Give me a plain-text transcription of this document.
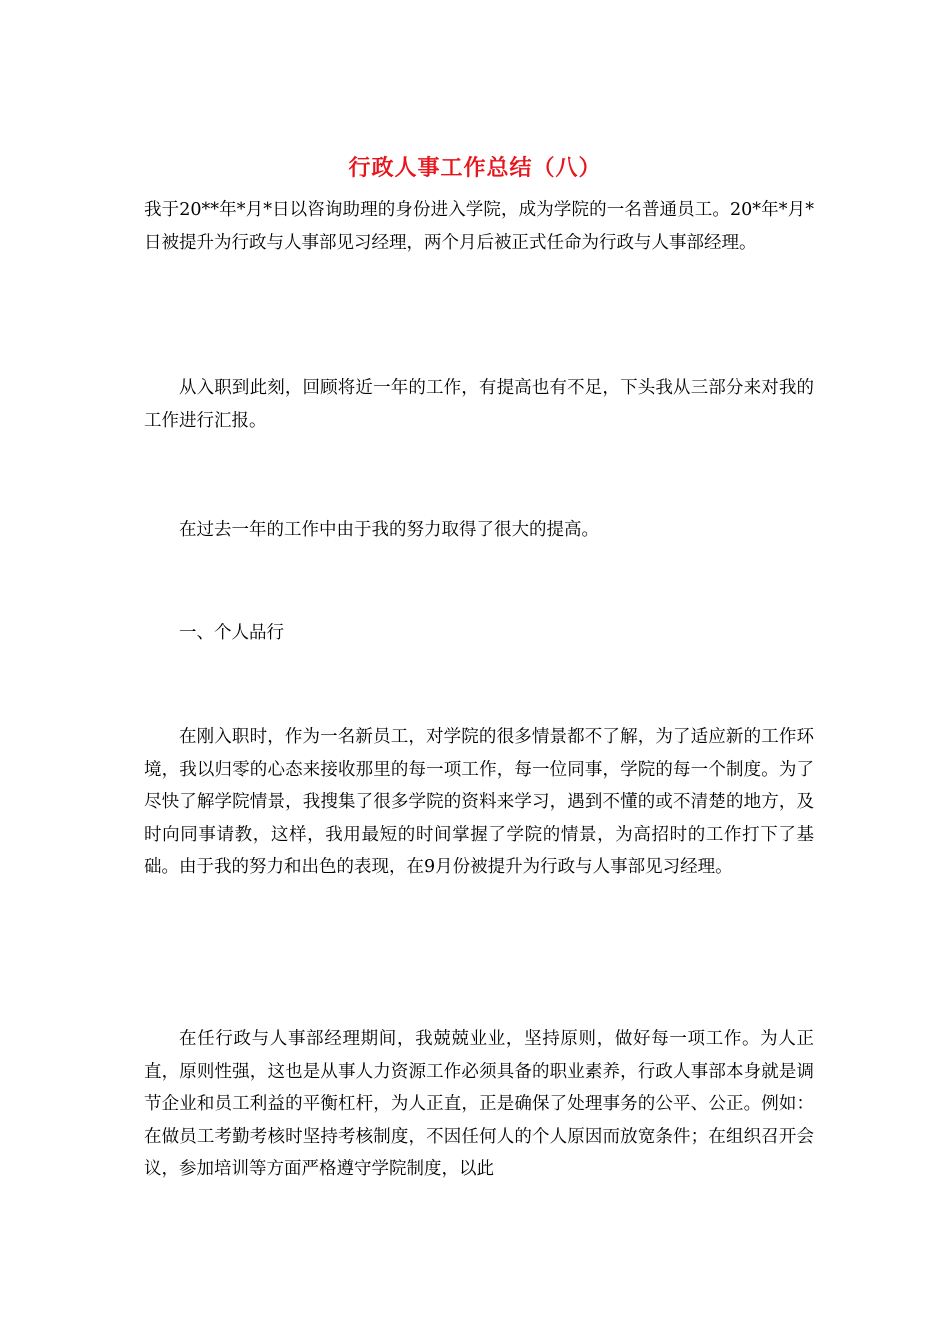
行政人事工作总结（八）

我于20**年*月*日以咨询助理的身份进入学院，成为学院的一名普通员工。20*年*月*日被提升为行政与人事部见习经理，两个月后被正式任命为行政与人事部经理。

从入职到此刻，回顾将近一年的工作，有提高也有不足，下头我从三部分来对我的工作进行汇报。

在过去一年的工作中由于我的努力取得了很大的提高。

一、个人品行

在刚入职时，作为一名新员工，对学院的很多情景都不了解，为了适应新的工作环境，我以归零的心态来接收那里的每一项工作，每一位同事，学院的每一个制度。为了尽快了解学院情景，我搜集了很多学院的资料来学习，遇到不懂的或不清楚的地方，及时向同事请教，这样，我用最短的时间掌握了学院的情景，为高招时的工作打下了基础。由于我的努力和出色的表现，在9月份被提升为行政与人事部见习经理。

在任行政与人事部经理期间，我兢兢业业，坚持原则，做好每一项工作。为人正直，原则性强，这也是从事人力资源工作必须具备的职业素养，行政人事部本身就是调节企业和员工利益的平衡杠杆，为人正直，正是确保了处理事务的公平、公正。例如：在做员工考勤考核时坚持考核制度，不因任何人的个人原因而放宽条件；在组织召开会议，参加培训等方面严格遵守学院制度，以此
